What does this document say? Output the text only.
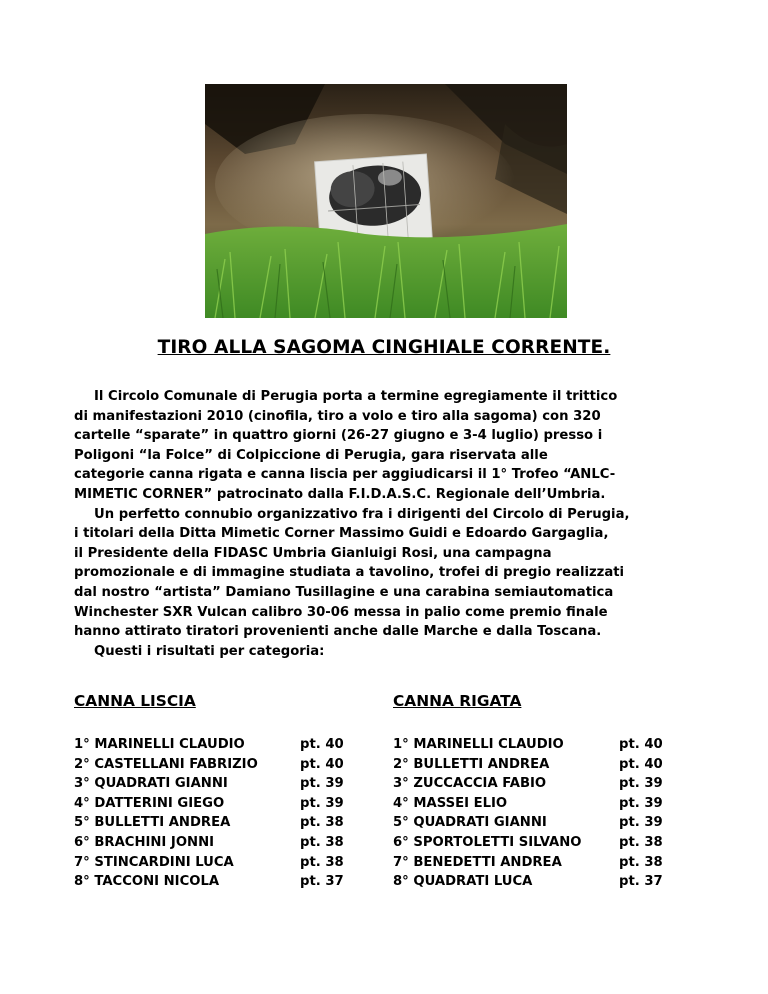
TIRO ALLA SAGOMA CINGHIALE CORRENTE.

Il Circolo Comunale di Perugia porta a termine egregiamente il trittico
di manifestazioni 2010 (cinofila, tiro a volo e tiro alla sagoma) con 320
cartelle “sparate” in quattro giorni (26-27 giugno e 3-4 luglio) presso i
Poligoni “la Folce” di Colpiccione di Perugia, gara riservata alle
categorie canna rigata e canna liscia per aggiudicarsi il 1° Trofeo “ANLC-
MIMETIC CORNER” patrocinato dalla F.I.D.A.S.C. Regionale dell’Umbria.

Un perfetto connubio organizzativo fra i dirigenti del Circolo di Perugia,
i titolari della Ditta Mimetic Corner Massimo Guidi e Edoardo Gargaglia,
il Presidente della FIDASC Umbria Gianluigi Rosi, una campagna
promozionale e di immagine studiata a tavolino, trofei di pregio realizzati
dal nostro “artista” Damiano Tusillagine e una carabina semiautomatica
Winchester SXR Vulcan calibro 30-06 messa in palio come premio finale
hanno attirato tiratori provenienti anche dalle Marche e dalla Toscana.

Questi i risultati per categoria:

CANNA LISCIA	CANNA RIGATA
1° MARINELLI CLAUDIO	pt. 40
2° CASTELLANI FABRIZIO	pt. 40
3° QUADRATI GIANNI	pt. 39
4° DATTERINI GIEGO	pt. 39
5° BULLETTI ANDREA	pt. 38
6° BRACHINI JONNI	pt. 38
7° STINCARDINI LUCA	pt. 38
8° TACCONI NICOLA	pt. 37
1° MARINELLI CLAUDIO	pt. 40
2° BULLETTI ANDREA	pt. 40
3° ZUCCACCIA FABIO	pt. 39
4° MASSEI ELIO	pt. 39
5° QUADRATI GIANNI	pt. 39
6° SPORTOLETTI SILVANO	pt. 38
7° BENEDETTI ANDREA	pt. 38
8° QUADRATI LUCA	pt. 37
